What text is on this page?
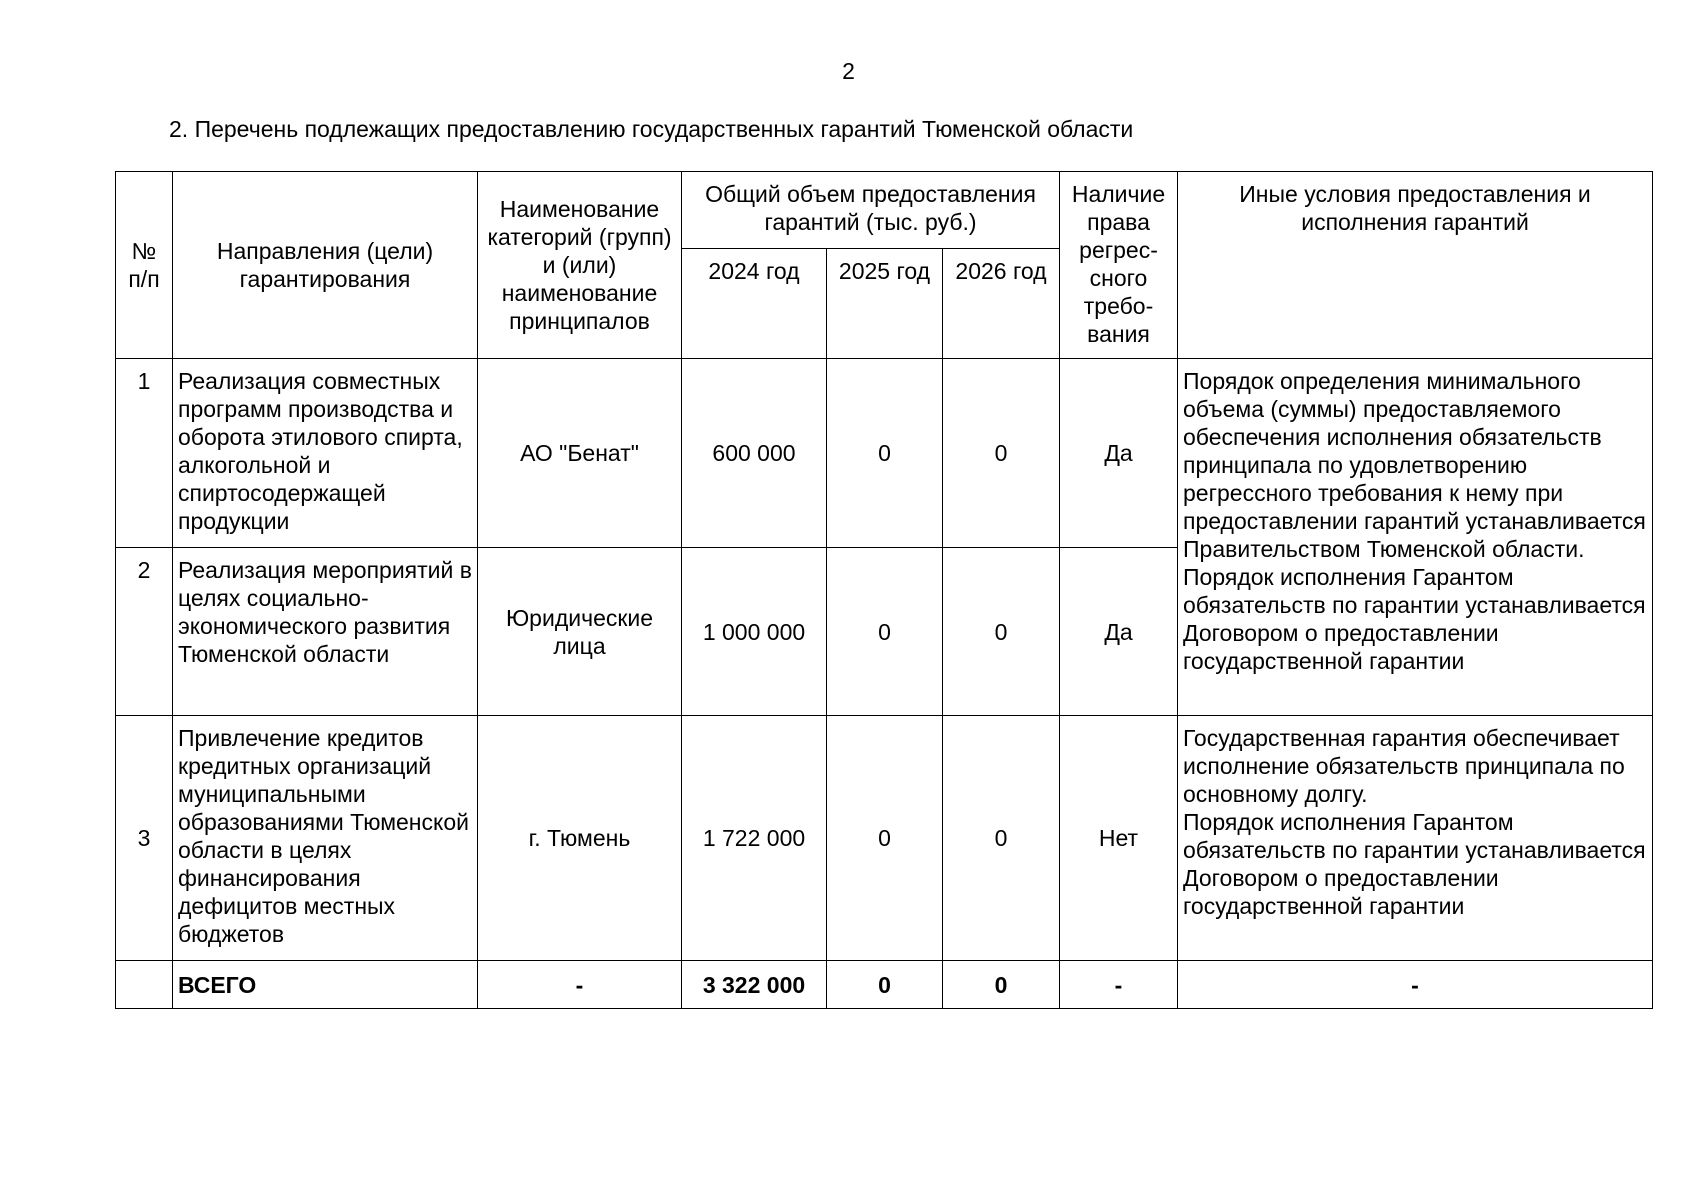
2
2. Перечень подлежащих предоставлению государственных гарантий Тюменской области
№ п/п	Направления (цели) гарантирования	Наименование категорий (групп) и (или) наименование принципалов	Общий объем предоставления гарантий (тыс. руб.)			Наличие права регрес-сного требо-вания	Иные условия предоставления и исполнения гарантий
			2024 год	2025 год	2026 год		
1	Реализация совместных программ производства и оборота этилового спирта, алкогольной и спиртосодержащей продукции	АО "Бенат"	600 000	0	0	Да	Порядок определения минимального объема (суммы) предоставляемого обеспечения исполнения обязательств принципала по удовлетворению регрессного требования к нему при предоставлении гарантий устанавливается Правительством Тюменской области. Порядок исполнения Гарантом обязательств по гарантии устанавливается Договором о предоставлении государственной гарантии
2	Реализация мероприятий в целях социально-экономического развития Тюменской области	Юридические лица	1 000 000	0	0	Да	
3	Привлечение кредитов кредитных организаций муниципальными образованиями Тюменской области в целях финансирования дефицитов местных бюджетов	г. Тюмень	1 722 000	0	0	Нет	Государственная гарантия обеспечивает исполнение обязательств принципала по основному долгу.
Порядок исполнения Гарантом обязательств по гарантии устанавливается Договором о предоставлении государственной гарантии

	ВСЕГО	-	3 322 000	0	0	-	-
